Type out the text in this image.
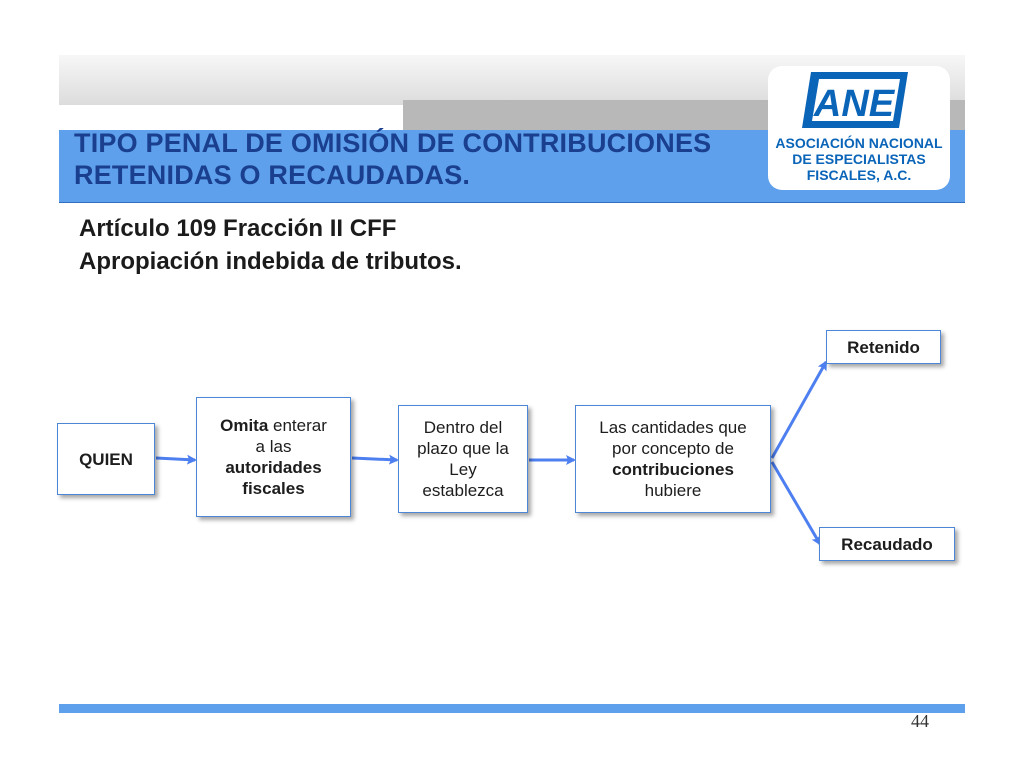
TIPO PENAL DE OMISIÓN DE CONTRIBUCIONES
RETENIDAS O RECAUDADAS.
ANE

ASOCIACIÓN NACIONAL
DE ESPECIALISTAS
FISCALES, A.C.

Artículo 109 Fracción II CFF
Apropiación indebida de tributos.
QUIEN
Omita enterar
a las
autoridades
fiscales
Dentro del
plazo que la
Ley
establezca
Las cantidades que
por concepto de
contribuciones
hubiere
Retenido
Recaudado

44
